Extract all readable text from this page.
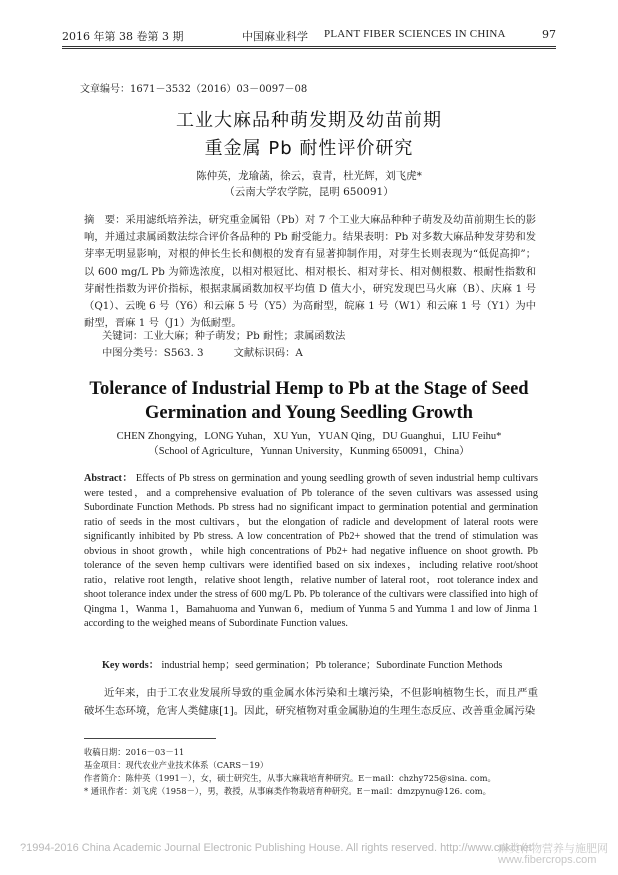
2016 年第 38 卷第 3 期	中国麻业科学 PLANT FIBER SCIENCES IN CHINA	97
文章编号：1671－3532（2016）03－0097－08
工业大麻品种萌发期及幼苗前期
重金属 Pb 耐性评价研究
陈仲英，龙瑜菡，徐云，袁青，杜光辉，刘飞虎*
（云南大学农学院，昆明 650091）
摘　要：采用滤纸培养法，研究重金属铅（Pb）对 7 个工业大麻品种种子萌发及幼苗前期生长的影响，并通过隶属函数法综合评价各品种的 Pb 耐受能力。结果表明：Pb 对多数大麻品种发芽势和发芽率无明显影响，对根的伸长生长和侧根的发育有显著抑制作用，对芽生长则表现为“低促高抑”；以 600 mg/L Pb 为筛选浓度，以相对根冠比、相对根长、相对芽长、相对侧根数、根耐性指数和芽耐性指数为评价指标，根据隶属函数加权平均值 D 值大小，研究发现巴马火麻（B）、庆麻 1 号（Q1）、云晚 6 号（Y6）和云麻 5 号（Y5）为高耐型，皖麻 1 号（W1）和云麻 1 号（Y1）为中耐型，晋麻 1 号（J1）为低耐型。
关键词：工业大麻；种子萌发；Pb 耐性；隶属函数法
中图分类号：S563. 3	文献标识码：A
Tolerance of Industrial Hemp to Pb at the Stage of Seed
Germination and Young Seedling Growth
CHEN Zhongying，LONG Yuhan，XU Yun，YUAN Qing，DU Guanghui，LIU Feihu*
（School of Agriculture，Yunnan University，Kunming 650091，China）
Abstract： Effects of Pb stress on germination and young seedling growth of seven industrial hemp cultivars were tested，and a comprehensive evaluation of Pb tolerance of the seven cultivars was assessed using Subordinate Function Methods. Pb stress had no significant impact to germination potential and germination ratio of seeds in the most cultivars，but the elongation of radicle and development of lateral roots were significantly inhibited by Pb stress. A low concentration of Pb2+ showed that the trend of stimulation was obvious in shoot growth，while high concentrations of Pb2+ had negative influence on shoot growth. Pb tolerance of the seven hemp cultivars were identified based on six indexes，including relative root/shoot ratio，relative root length，relative shoot length，relative number of lateral root，root tolerance index and shoot tolerance index under the stress of 600 mg/L Pb. Pb tolerance of the cultivars were classified into high of Qingma 1，Wanma 1，Bamahuoma and Yunwan 6，medium of Yunma 5 and Yumma 1 and low of Jinma 1 according to the weighed means of Subordinate Function values.
Key words： industrial hemp；seed germination；Pb tolerance；Subordinate Function Methods
近年来，由于工农业发展所导致的重金属水体污染和土壤污染，不但影响植物生长，而且严重破坏生态环境，危害人类健康[1]。因此，研究植物对重金属胁迫的生理生态反应、改善重金属污染
收稿日期：2016－03－11
基金项目：现代农业产业技术体系（CARS－19）
作者简介：陈仲英（1991－），女，硕士研究生，从事大麻栽培育种研究。E－mail：chzhy725@sina. com。
* 通讯作者：刘飞虎（1958－），男，教授，从事麻类作物栽培育种研究。E－mail：dmzpynu@126. com。
?1994-2016 China Academic Journal Electronic Publishing House. All rights reserved. http://www.cnki.net
麻类作物营养与施肥网
www.fibercrops.com
